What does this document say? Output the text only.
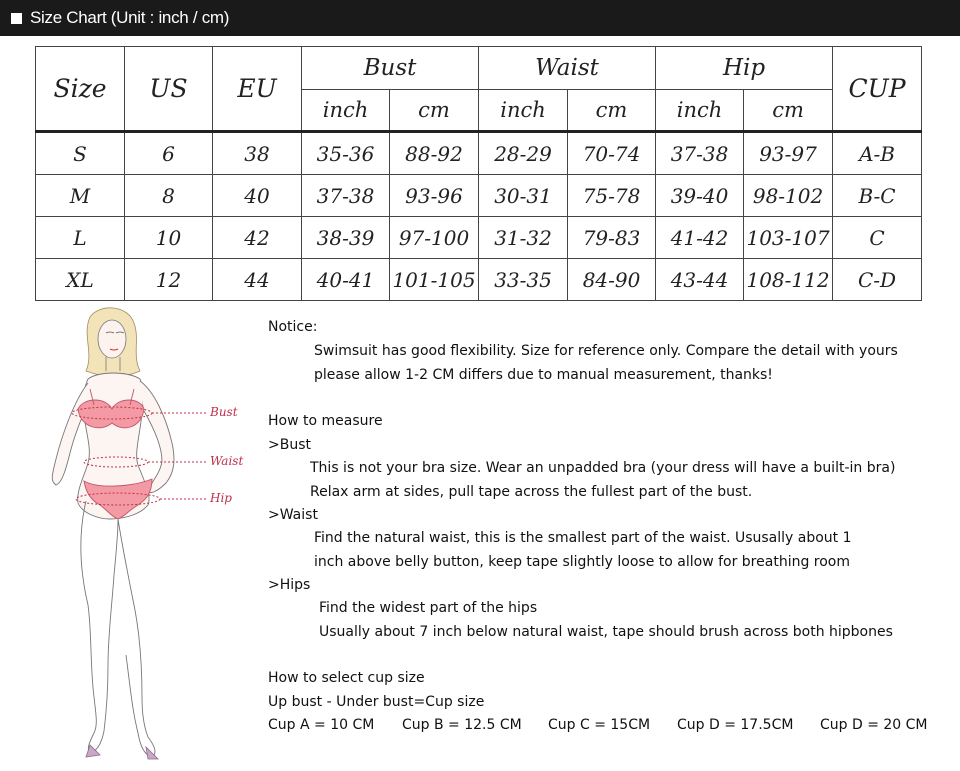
Size Chart (Unit : inch / cm)
Size	US	EU	Bust		Waist		Hip		CUP
			inch	cm	inch	cm	inch	cm	
S	6	38	35-36	88-92	28-29	70-74	37-38	93-97	A-B
M	8	40	37-38	93-96	30-31	75-78	39-40	98-102	B-C
L	10	42	38-39	97-100	31-32	79-83	41-42	103-107	C
XL	12	44	40-41	101-105	33-35	84-90	43-44	108-112	C-D
Bust
Waist
Hip
Notice:
Swimsuit has good flexibility. Size for reference only. Compare the detail with yours
please allow 1-2 CM differs due to manual measurement, thanks!
How to measure
>Bust
This is not your bra size. Wear an unpadded bra (your dress will have a built-in bra)
Relax arm at sides, pull tape across the fullest part of the bust.
>Waist
Find the natural waist, this is the smallest part of the waist. Ususally about 1
inch above belly button, keep tape slightly loose to allow for breathing room
>Hips
Find the widest part of the hips
Usually about 7 inch below natural waist, tape should brush across both hipbones
How to select cup size
Up bust - Under bust=Cup size
Cup A = 10 CM Cup B = 12.5 CM Cup C = 15CM Cup D = 17.5CM Cup D = 20 CM
